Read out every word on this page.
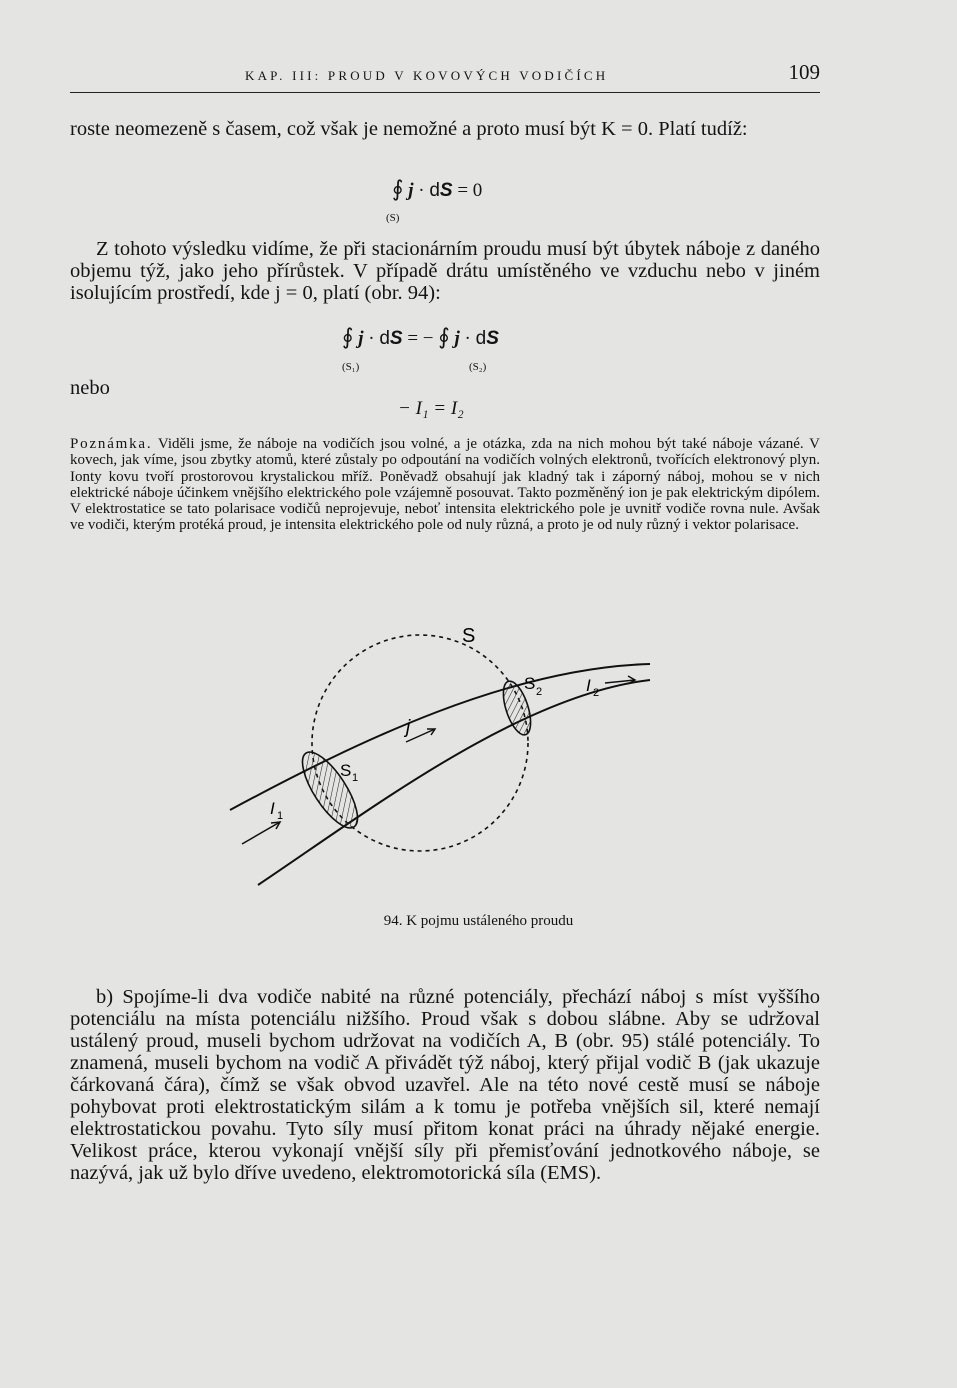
KAP. III: PROUD V KOVOVÝCH VODIČÍCH	109

roste neomezeně s časem, což však je nemožné a proto musí být K = 0. Platí tudíž:

∮ j · dS = 0
(S)

Z tohoto výsledku vidíme, že při stacionárním proudu musí být úbytek náboje z daného objemu týž, jako jeho přírůstek. V případě drátu umístěného ve vzduchu nebo v jiném isolujícím prostředí, kde j = 0, platí (obr. 94):

∮ j · dS = − ∮ j · dS
(S₁)	(S₂)
nebo
− I₁ = I₂

Poznámka. Viděli jsme, že náboje na vodičích jsou volné, a je otázka, zda na nich mohou být také náboje vázané. V kovech, jak víme, jsou zbytky atomů, které zůstaly po odpoutání na vodičích volných elektronů, tvořících elektronový plyn. Ionty kovu tvoří prostorovou krystalickou mříž. Poněvadž obsahují jak kladný tak i záporný náboj, mohou se v nich elektrické náboje účinkem vnějšího elektrického pole vzájemně posouvat. Takto pozměněný ion je pak elektrickým dipólem. V elektrostatice se tato polarisace vodičů neprojevuje, neboť intensita elektrického pole je uvnitř vodiče rovna nule. Avšak ve vodiči, kterým protéká proud, je intensita elektrického pole od nuly různá, a proto je od nuly různý i vektor polarisace.

S
S 1
S 2
I 1
I 2
j
94. K pojmu ustáleného proudu

b) Spojíme-li dva vodiče nabité na různé potenciály, přechází náboj s míst vyššího potenciálu na místa potenciálu nižšího. Proud však s dobou slábne. Aby se udržoval ustálený proud, museli bychom udržovat na vodičích A, B (obr. 95) stálé potenciály. To znamená, museli bychom na vodič A přivádět týž náboj, který přijal vodič B (jak ukazuje čárkovaná čára), čímž se však obvod uzavřel. Ale na této nové cestě musí se náboje pohybovat proti elektrostatickým silám a k tomu je potřeba vnějších sil, které nemají elektrostatickou povahu. Tyto síly musí přitom konat práci na úhrady nějaké energie. Velikost práce, kterou vykonají vnější síly při přemisťování jednotkového náboje, se nazývá, jak už bylo dříve uvedeno, elektromotorická síla (EMS).
